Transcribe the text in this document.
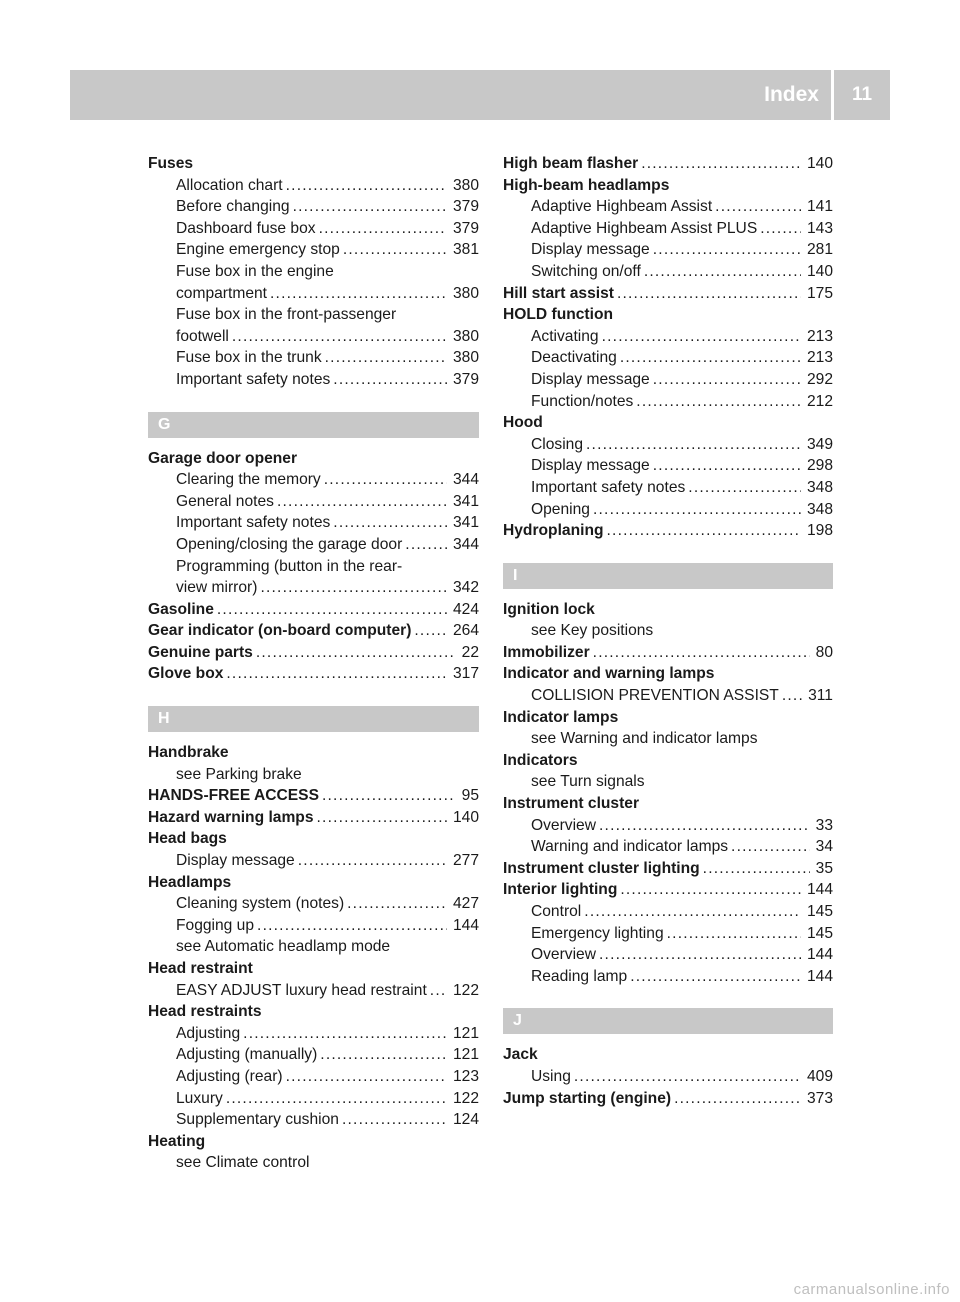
Index	11
Fuses
Allocation chart .....	380
Before changing .....	379
Dashboard fuse box .....	379
Engine emergency stop .....	381
Fuse box in the engine
compartment .....	380
Fuse box in the front-passenger
footwell .....	380
Fuse box in the trunk .....	380
Important safety notes .....	379
G
Garage door opener
Clearing the memory .....	344
General notes .....	341
Important safety notes .....	341
Opening/closing the garage door .....	344
Programming (button in the rear-
view mirror) .....	342
Gasoline .....	424
Gear indicator (on-board computer) .....	264
Genuine parts .....	22
Glove box .....	317
H
Handbrake
see Parking brake
HANDS-FREE ACCESS .....	95
Hazard warning lamps .....	140
Head bags
Display message .....	277
Headlamps
Cleaning system (notes) .....	427
Fogging up .....	144
see Automatic headlamp mode
Head restraint
EASY ADJUST luxury head restraint .....	122
Head restraints
Adjusting .....	121
Adjusting (manually) .....	121
Adjusting (rear) .....	123
Luxury .....	122
Supplementary cushion .....	124
Heating
see Climate control
High beam flasher .....	140
High-beam headlamps
Adaptive Highbeam Assist .....	141
Adaptive Highbeam Assist PLUS .....	143
Display message .....	281
Switching on/off .....	140
Hill start assist .....	175
HOLD function
Activating .....	213
Deactivating .....	213
Display message .....	292
Function/notes .....	212
Hood
Closing .....	349
Display message .....	298
Important safety notes .....	348
Opening .....	348
Hydroplaning .....	198
I
Ignition lock
see Key positions
Immobilizer .....	80
Indicator and warning lamps
COLLISION PREVENTION ASSIST .....	311
Indicator lamps
see Warning and indicator lamps
Indicators
see Turn signals
Instrument cluster
Overview .....	33
Warning and indicator lamps .....	34
Instrument cluster lighting .....	35
Interior lighting .....	144
Control .....	145
Emergency lighting .....	145
Overview .....	144
Reading lamp .....	144
J
Jack
Using .....	409
Jump starting (engine) .....	373
carmanualsonline.info
